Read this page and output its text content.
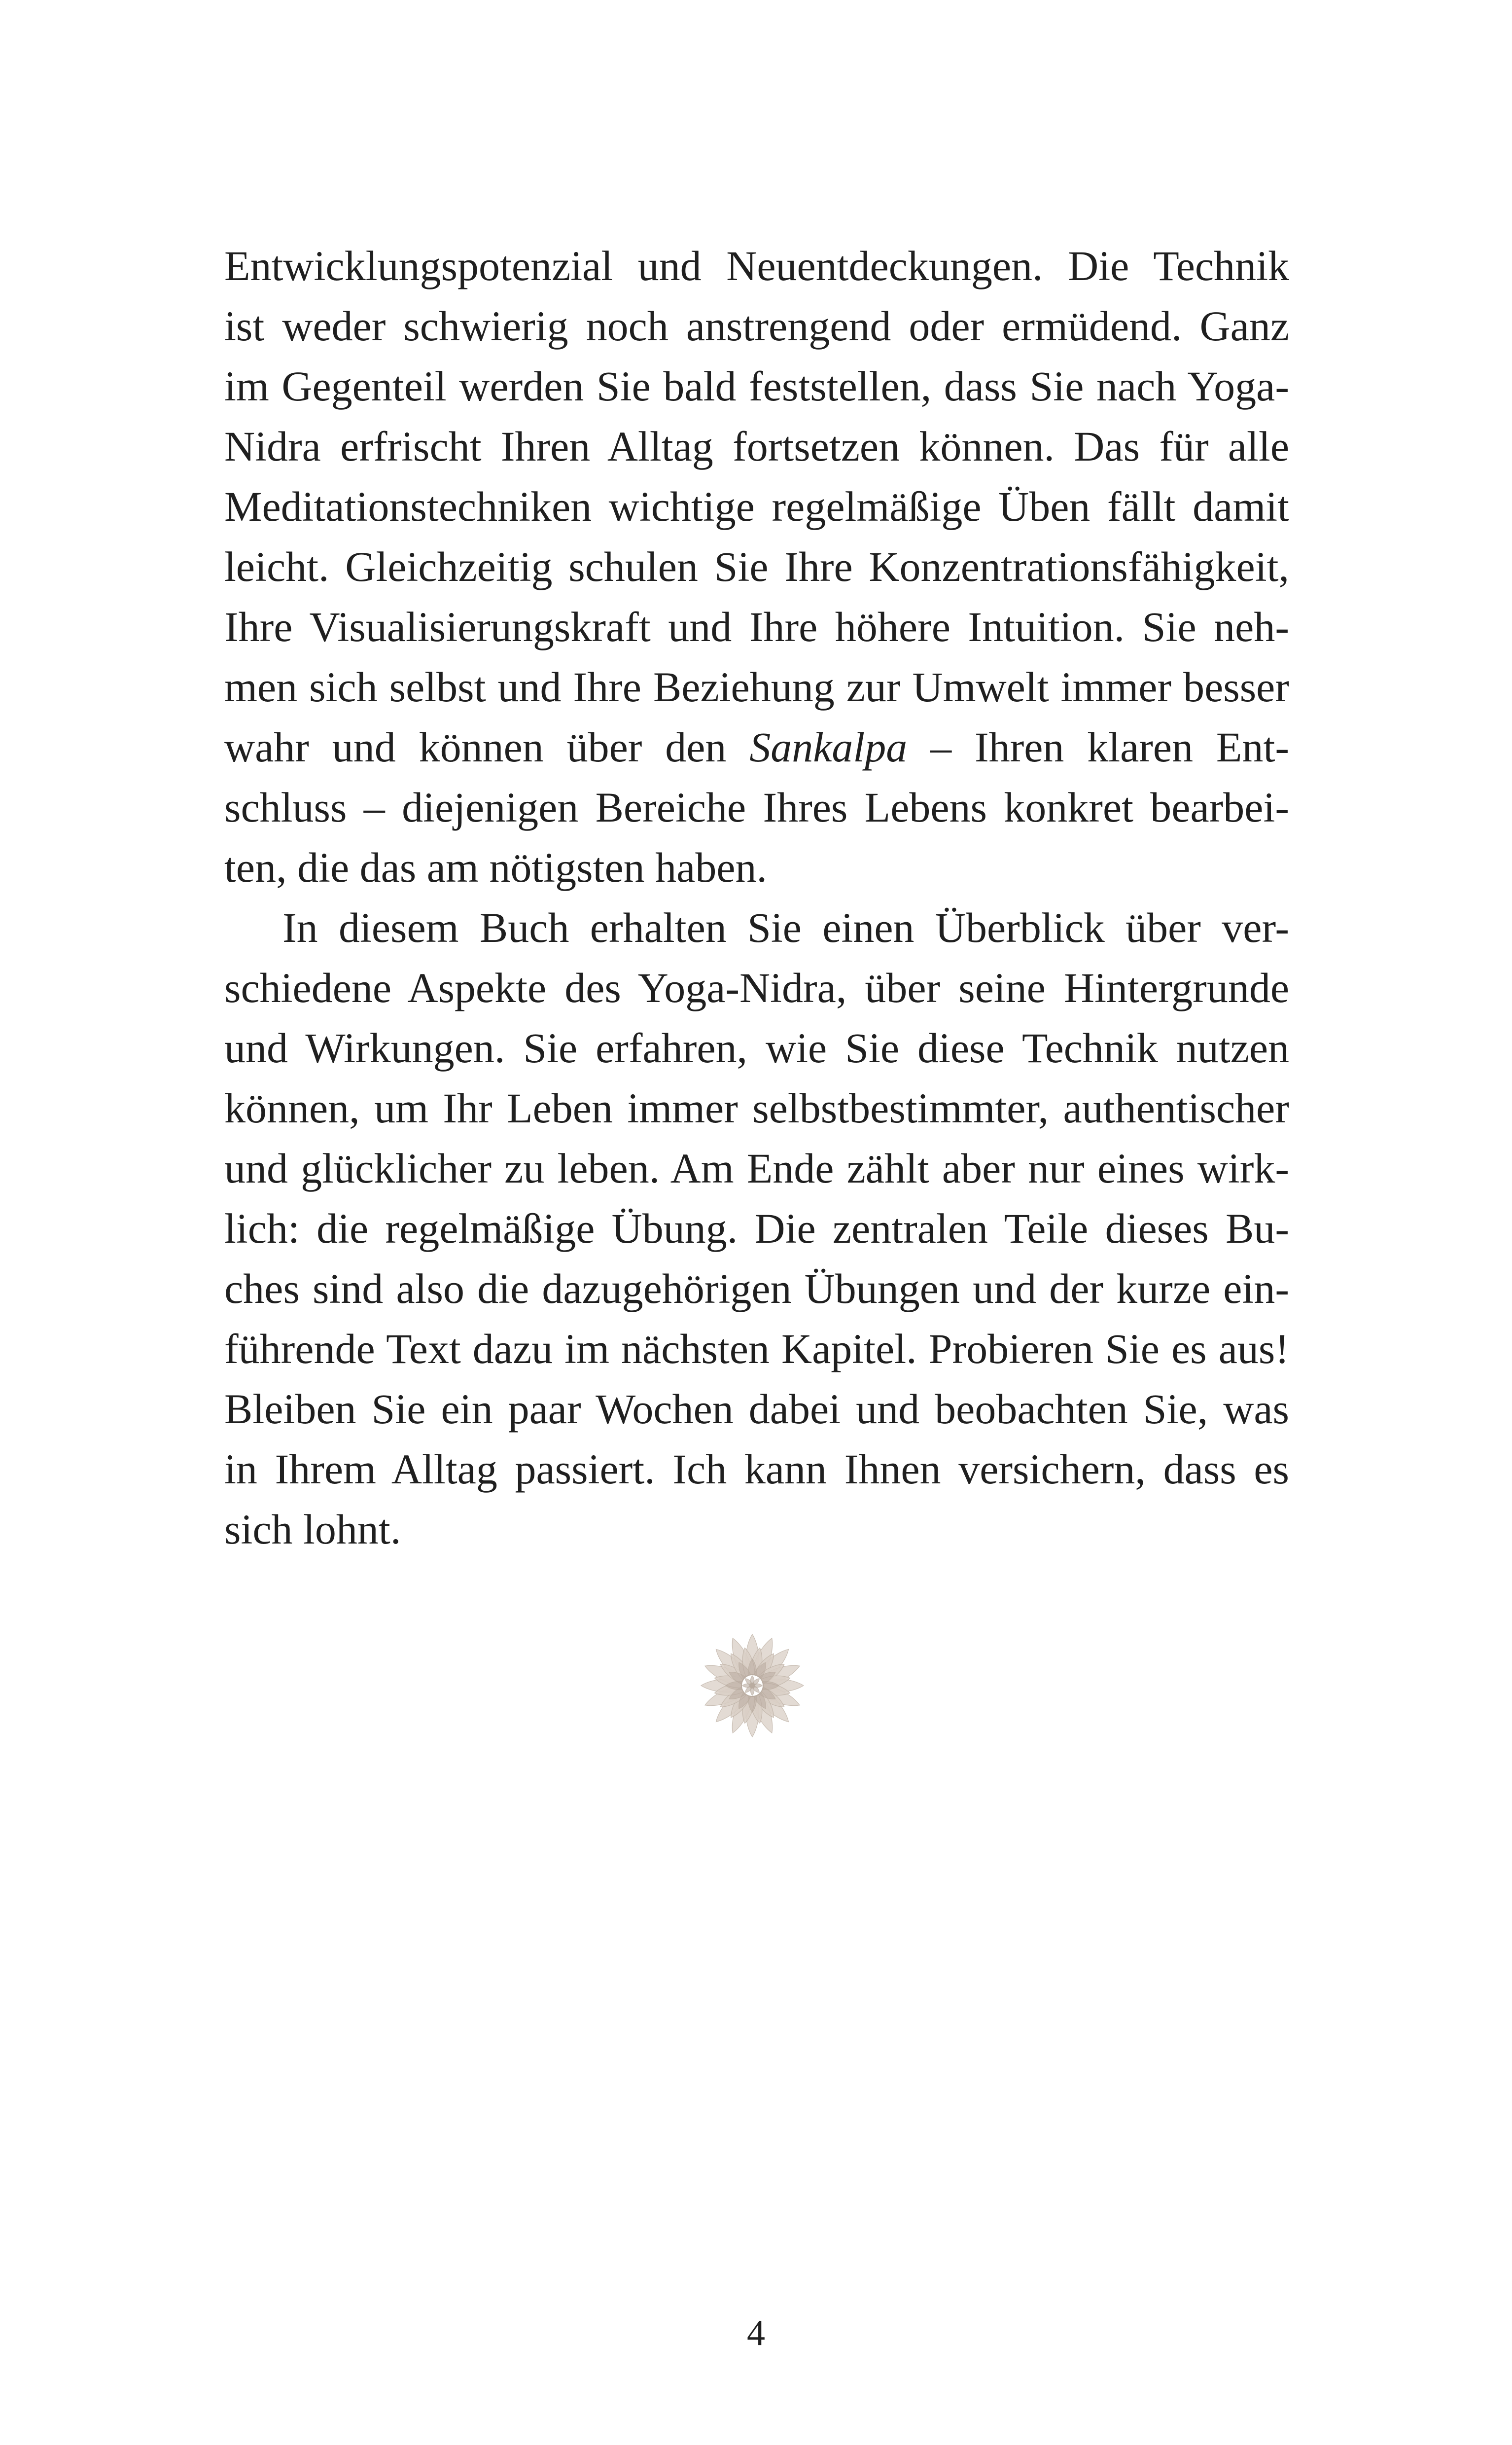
Entwicklungspotenzial und Neuentdeckungen. Die Technik
ist weder schwierig noch anstrengend oder ermüdend. Ganz
im Gegenteil werden Sie bald feststellen, dass Sie nach Yoga-
Nidra erfrischt Ihren Alltag fortsetzen können. Das für alle
Meditationstechniken wichtige regelmäßige Üben fällt damit
leicht. Gleichzeitig schulen Sie Ihre Konzentrationsfähigkeit,
Ihre Visualisierungskraft und Ihre höhere Intuition. Sie neh-
men sich selbst und Ihre Beziehung zur Umwelt immer besser
wahr und können über den Sankalpa – Ihren klaren Ent-
schluss – diejenigen Bereiche Ihres Lebens konkret bearbei-
ten, die das am nötigsten haben.
In diesem Buch erhalten Sie einen Überblick über ver-
schiedene Aspekte des Yoga-Nidra, über seine Hintergrunde
und Wirkungen. Sie erfahren, wie Sie diese Technik nutzen
können, um Ihr Leben immer selbstbestimmter, authentischer
und glücklicher zu leben. Am Ende zählt aber nur eines wirk-
lich: die regelmäßige Übung. Die zentralen Teile dieses Bu-
ches sind also die dazugehörigen Übungen und der kurze ein-
führende Text dazu im nächsten Kapitel. Probieren Sie es aus!
Bleiben Sie ein paar Wochen dabei und beobachten Sie, was
in Ihrem Alltag passiert. Ich kann Ihnen versichern, dass es
sich lohnt.
4
